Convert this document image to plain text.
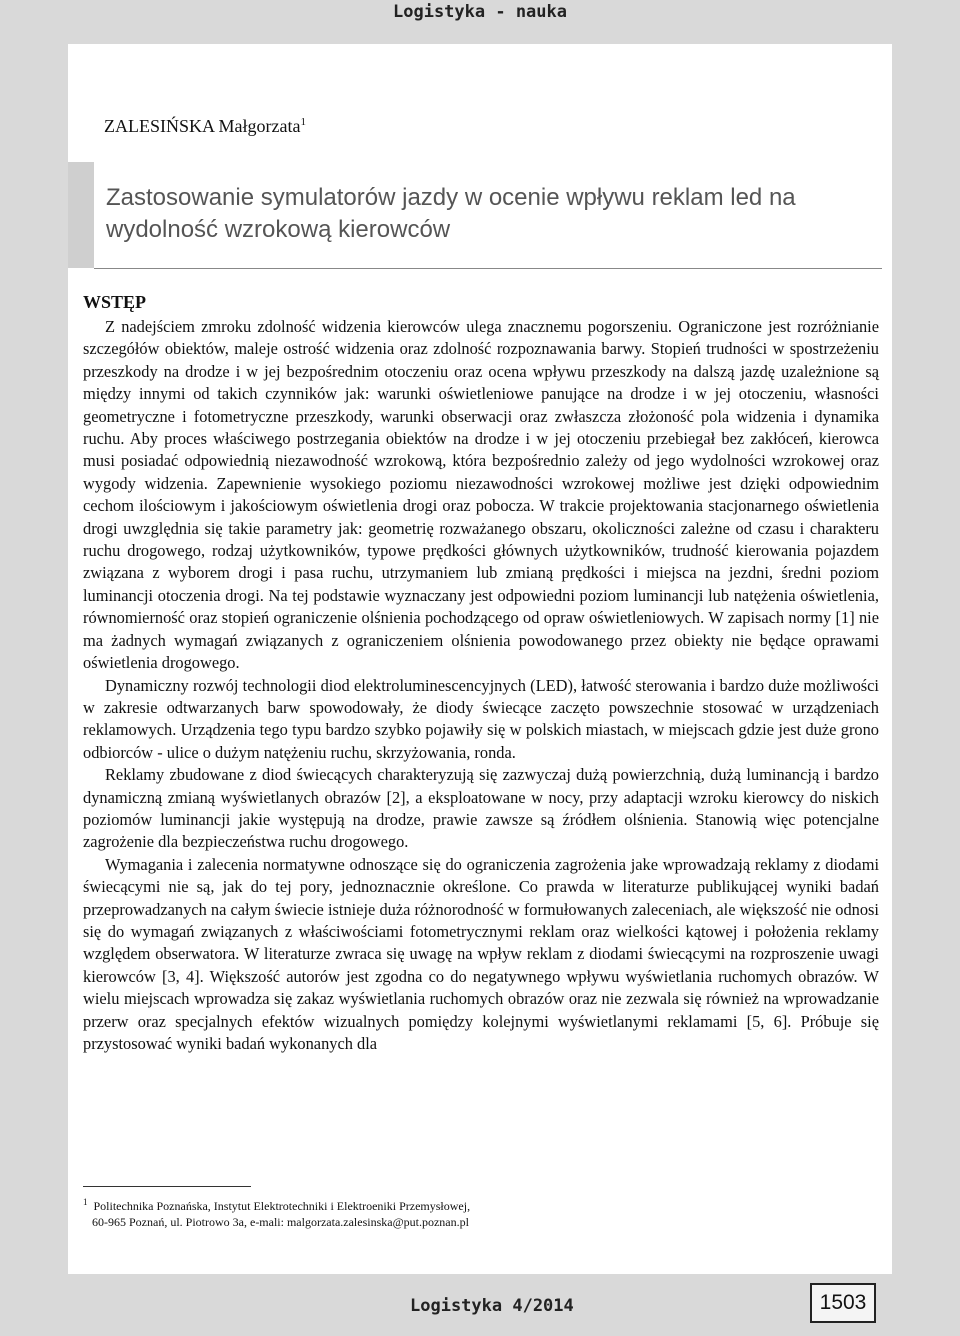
Logistyka - nauka
ZALESIŃSKA Małgorzata$^1$
Zastosowanie symulatorów jazdy w ocenie wpływu reklam led na
wydolność wzrokową kierowców
WSTĘP

Z nadejściem zmroku zdolność widzenia kierowców ulega znacznemu pogorszeniu. Ograniczone jest rozróżnianie szczegółów obiektów, maleje ostrość widzenia oraz zdolność rozpoznawania barwy. Stopień trudności w spostrzeżeniu przeszkody na drodze i w jej bezpośrednim otoczeniu oraz ocena wpływu przeszkody na dalszą jazdę uzależnione są między innymi od takich czynników jak: warunki oświetleniowe panujące na drodze i w jej otoczeniu, własności geometryczne i fotometryczne przeszkody, warunki obserwacji oraz zwłaszcza złożoność pola widzenia i dynamika ruchu. Aby proces właściwego postrzegania obiektów na drodze i w jej otoczeniu przebiegał bez zakłóceń, kierowca musi posiadać odpowiednią niezawodność wzrokową, która bezpośrednio zależy od jego wydolności wzrokowej oraz wygody widzenia. Zapewnienie wysokiego poziomu niezawodności wzrokowej możliwe jest dzięki odpowiednim cechom ilościowym i jakościowym oświetlenia drogi oraz pobocza. W trakcie projektowania stacjonarnego oświetlenia drogi uwzględnia się takie parametry jak: geometrię rozważanego obszaru, okoliczności zależne od czasu i charakteru ruchu drogowego, rodzaj użytkowników, typowe prędkości głównych użytkowników, trudność kierowania pojazdem związana z wyborem drogi i pasa ruchu, utrzymaniem lub zmianą prędkości i miejsca na jezdni, średni poziom luminancji otoczenia drogi. Na tej podstawie wyznaczany jest odpowiedni poziom luminancji lub natężenia oświetlenia, równomierność oraz stopień ograniczenie olśnienia pochodzącego od opraw oświetleniowych. W zapisach normy [1] nie ma żadnych wymagań związanych z ograniczeniem olśnienia powodowanego przez obiekty nie będące oprawami oświetlenia drogowego.

Dynamiczny rozwój technologii diod elektroluminescencyjnych (LED), łatwość sterowania i bardzo duże możliwości w zakresie odtwarzanych barw spowodowały, że diody świecące zaczęto powszechnie stosować w urządzeniach reklamowych. Urządzenia tego typu bardzo szybko pojawiły się w polskich miastach, w miejscach gdzie jest duże grono odbiorców - ulice o dużym natężeniu ruchu, skrzyżowania, ronda.

Reklamy zbudowane z diod świecących charakteryzują się zazwyczaj dużą powierzchnią, dużą luminancją i bardzo dynamiczną zmianą wyświetlanych obrazów [2], a eksploatowane w nocy, przy adaptacji wzroku kierowcy do niskich poziomów luminancji jakie występują na drodze, prawie zawsze są źródłem olśnienia. Stanowią więc potencjalne zagrożenie dla bezpieczeństwa ruchu drogowego.

Wymagania i zalecenia normatywne odnoszące się do ograniczenia zagrożenia jake wprowadzają reklamy z diodami świecącymi nie są, jak do tej pory, jednoznacznie określone. Co prawda w literaturze publikującej wyniki badań przeprowadzanych na całym świecie istnieje duża różnorodność w formułowanych zaleceniach, ale większość nie odnosi się do wymagań związanych z właściwościami fotometrycznymi reklam oraz wielkości kątowej i położenia reklamy względem obserwatora. W literaturze zwraca się uwagę na wpływ reklam z diodami świecącymi na rozproszenie uwagi kierowców [3, 4]. Większość autorów jest zgodna co do negatywnego wpływu wyświetlania ruchomych obrazów. W wielu miejscach wprowadza się zakaz wyświetlania ruchomych obrazów oraz nie zezwala się również na wprowadzanie przerw oraz specjalnych efektów wizualnych pomiędzy kolejnymi wyświetlanymi reklamami [5, 6]. Próbuje się przystosować wyniki badań wykonanych dla

$^1$ Politechnika Poznańska, Instytut Elektrotechniki i Elektroeniki Przemysłowej,
60-965 Poznań, ul. Piotrowo 3a, e-mali: malgorzata.zalesinska@put.poznan.pl
Logistyka 4/2014	1503
